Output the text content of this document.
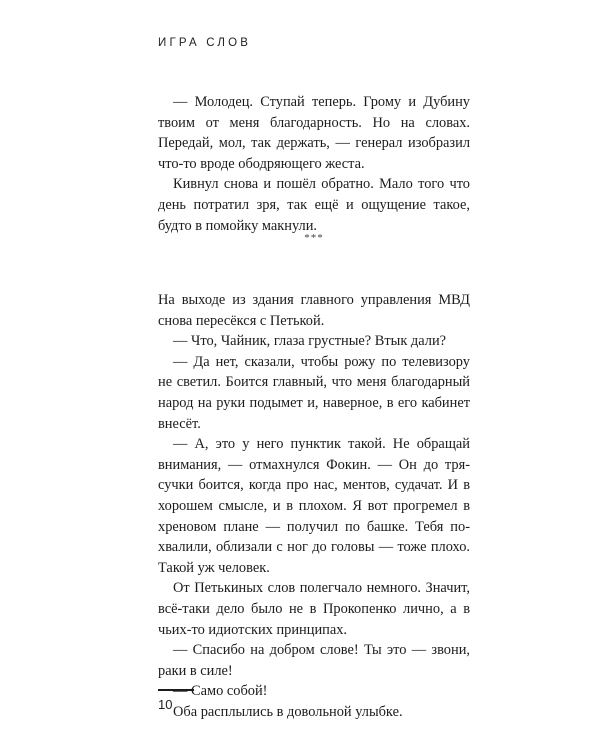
ИГРА СЛОВ

— Молодец. Ступай теперь. Грому и Дубину твоим от меня благодарность. Но на словах. Передай, мол, так держать, — генерал изобразил что-то вроде ободряющего жеста.

Кивнул снова и пошёл обратно. Мало того что день потратил зря, так ещё и ощущение такое, будто в помойку макнули.

***

На выходе из здания главного управления МВД снова пересёкся с Петькой.

— Что, Чайник, глаза грустные? Втык дали?

— Да нет, сказали, чтобы рожу по телевизору не светил. Боится главный, что меня благодарный народ на руки подымет и, наверное, в его кабинет внесёт.

— А, это у него пунктик такой. Не обращай внимания, — отмахнулся Фокин. — Он до трясучки боится, когда про нас, ментов, судачат. И в хорошем смысле, и в плохом. Я вот прогремел в хреновом плане — получил по башке. Тебя похвалили, облизали с ног до головы — тоже плохо. Такой уж человек.

От Петькиных слов полегчало немного. Значит, всё-таки дело было не в Прокопенко лично, а в чьих-то идиотских принципах.

— Спасибо на добром слове! Ты это — звони, раки в силе!

— Само собой!

Оба расплылись в довольной улыбке.

10
